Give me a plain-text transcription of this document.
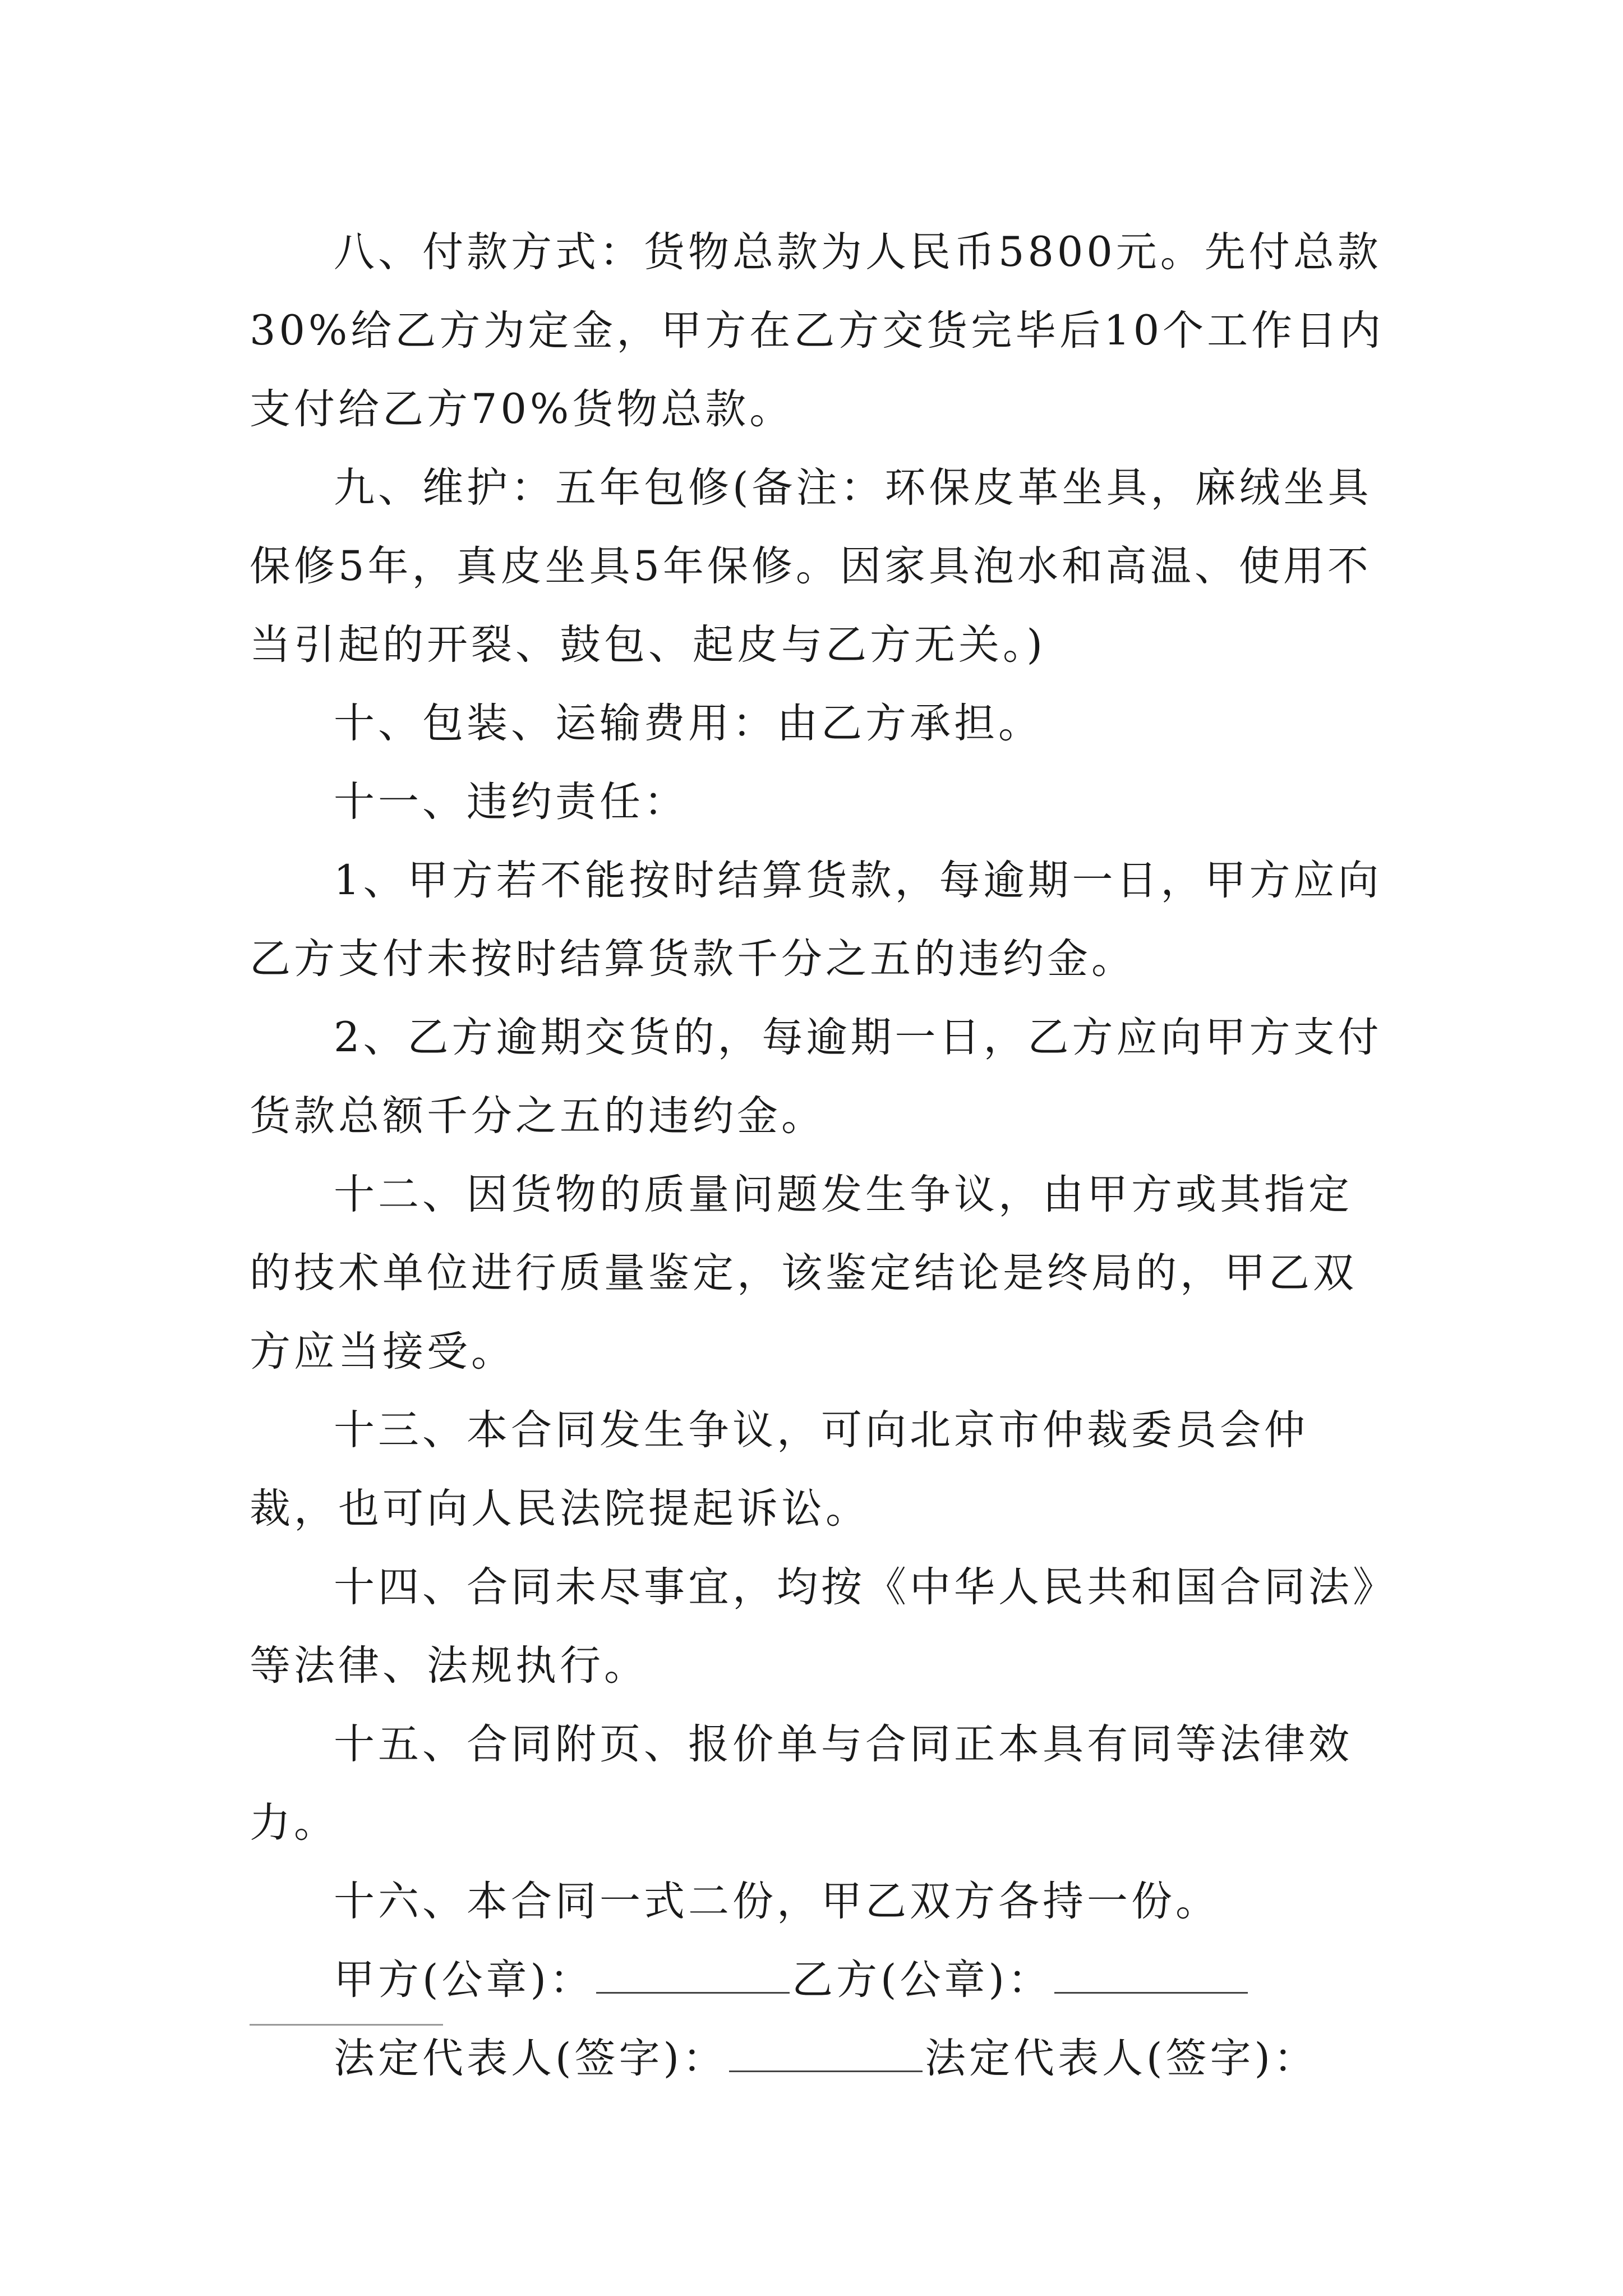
八、付款方式：货物总款为人民币5800元。先付总款30%给乙方为定金，甲方在乙方交货完毕后10个工作日内支付给乙方70%货物总款。

九、维护：五年包修(备注：环保皮革坐具，麻绒坐具保修5年，真皮坐具5年保修。因家具泡水和高温、使用不当引起的开裂、鼓包、起皮与乙方无关。)

十、包装、运输费用：由乙方承担。

十一、违约责任：

1、甲方若不能按时结算货款，每逾期一日，甲方应向乙方支付未按时结算货款千分之五的违约金。

2、乙方逾期交货的，每逾期一日，乙方应向甲方支付货款总额千分之五的违约金。

十二、因货物的质量问题发生争议，由甲方或其指定的技术单位进行质量鉴定，该鉴定结论是终局的，甲乙双方应当接受。

十三、本合同发生争议，可向北京市仲裁委员会仲裁，也可向人民法院提起诉讼。

十四、合同未尽事宜，均按《中华人民共和国合同法》等法律、法规执行。

十五、合同附页、报价单与合同正本具有同等法律效力。

十六、本合同一式二份，甲乙双方各持一份。

甲方(公章)：	乙方(公章)：

法定代表人(签字)：	法定代表人(签字)：
